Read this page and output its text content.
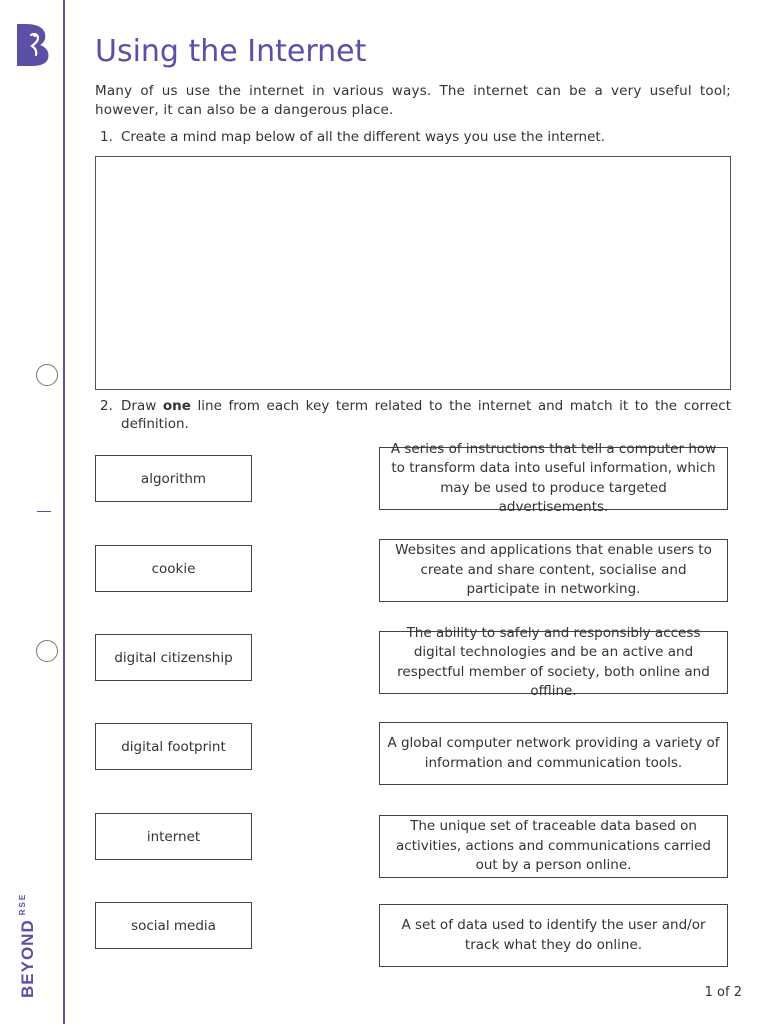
$BEYOND^{RSE}$
Using the Internet

Many of us use the internet in various ways. The internet can be a very useful tool; however, it can also be a dangerous place.

1. Create a mind map below of all the different ways you use the internet.
2. Draw one line from each key term related to the internet and match it to the correct definition.
algorithm
cookie
digital citizenship
digital footprint
internet
social media
A series of instructions that tell a computer how to transform data into useful information, which may be used to produce targeted advertisements.
Websites and applications that enable users to create and share content, socialise and participate in networking.
The ability to safely and responsibly access digital technologies and be an active and respectful member of society, both online and offline.
A global computer network providing a variety of information and communication tools.
The unique set of traceable data based on activities, actions and communications carried out by a person online.
A set of data used to identify the user and/or track what they do online.
1 of 2
